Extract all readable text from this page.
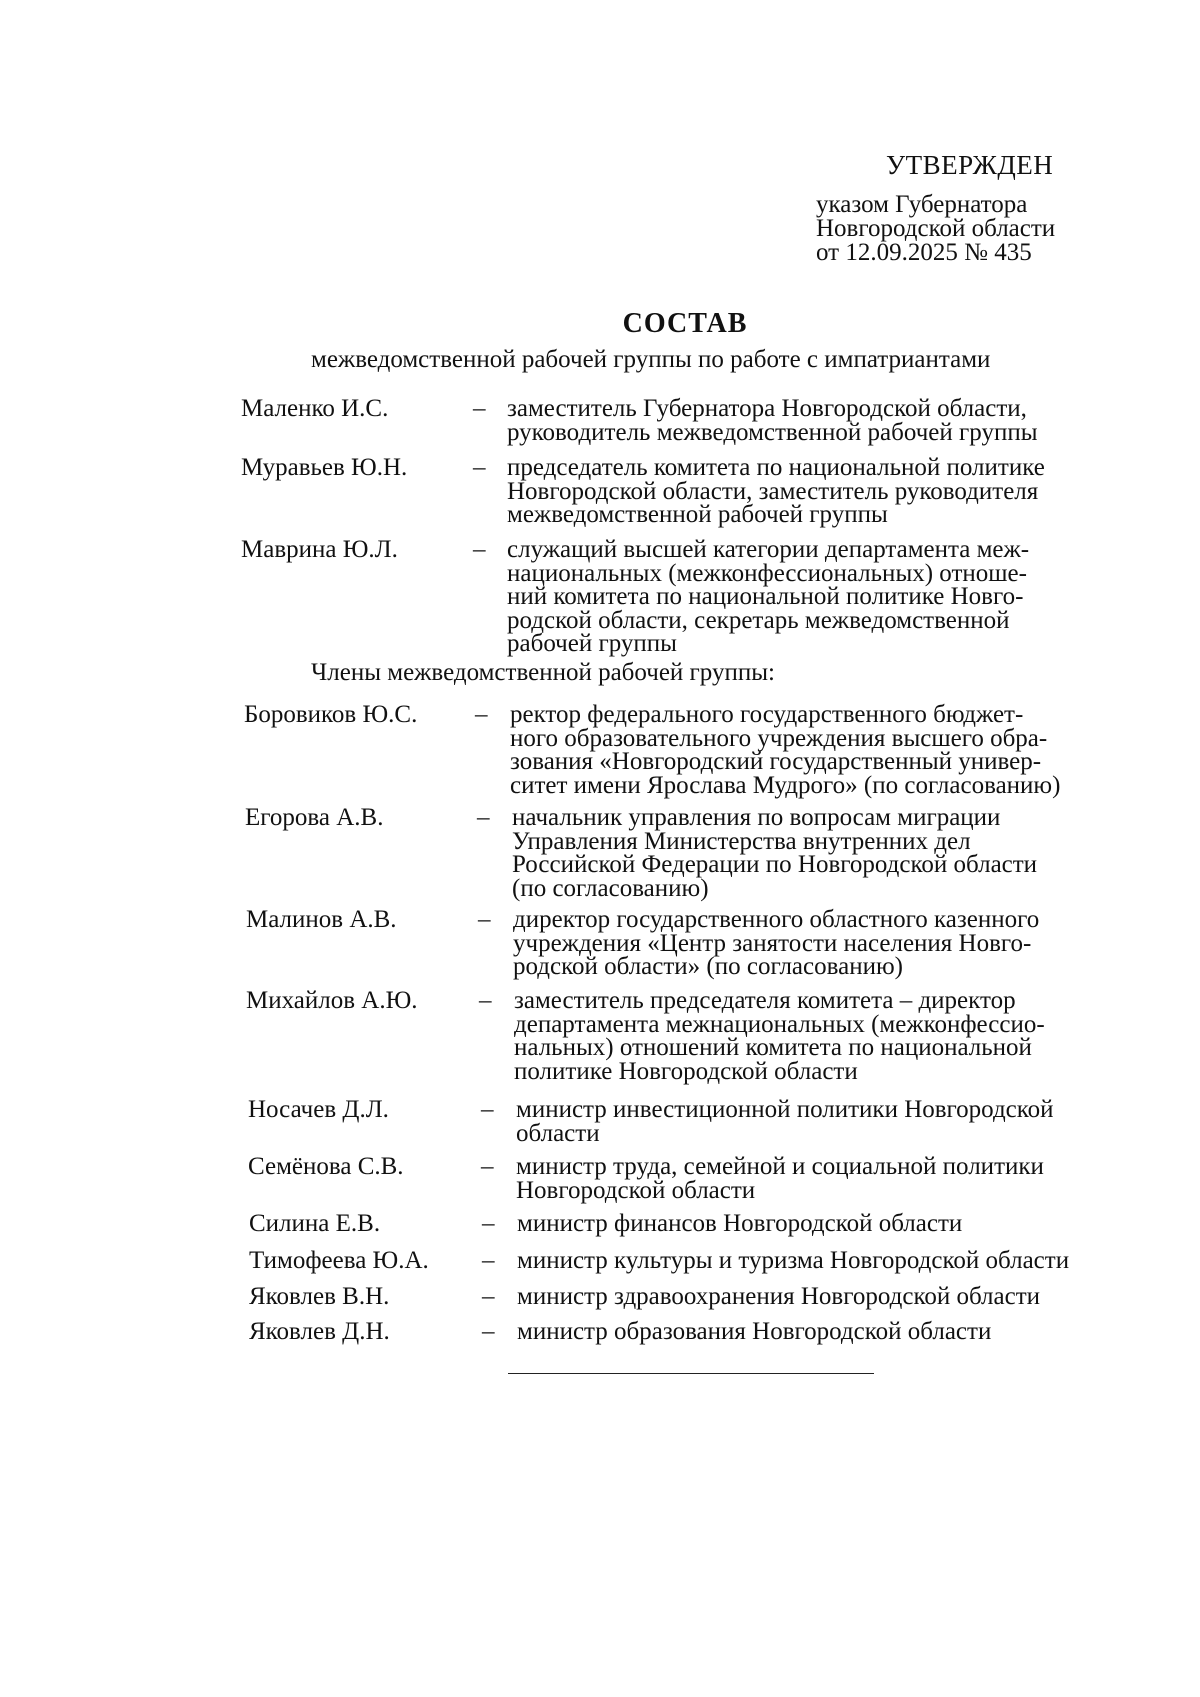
УТВЕРЖДЕН
указом Губернатора
Новгородской области
от 12.09.2025 № 435
СОСТАВ
межведомственной рабочей группы по работе с импатриантами
Маленко И.С.	– заместитель Губернатора Новгородской области,
руководитель межведомственной рабочей группы
Муравьев Ю.Н.	– председатель комитета по национальной политике
Новгородской области, заместитель руководителя
межведомственной рабочей группы
Маврина Ю.Л.	– служащий высшей категории департамента меж-
национальных (межконфессиональных) отноше-
ний комитета по национальной политике Новго-
родской области, секретарь межведомственной
рабочей группы
Члены межведомственной рабочей группы:
Боровиков Ю.С. – ректор федерального государственного бюджет-
ного образовательного учреждения высшего обра-
зования «Новгородский государственный универ-
ситет имени Ярослава Мудрого» (по согласованию)
Егорова А.В.	– начальник управления по вопросам миграции
Управления Министерства внутренних дел
Российской Федерации по Новгородской области
(по согласованию)
Малинов А.В.	– директор государственного областного казенного
учреждения «Центр занятости населения Новго-
родской области» (по согласованию)
Михайлов А.Ю. – заместитель председателя комитета – директор
департамента межнациональных (межконфессио-
нальных) отношений комитета по национальной
политике Новгородской области
Носачев Д.Л.	– министр инвестиционной политики Новгородской
области
Семёнова С.В.	– министр труда, семейной и социальной политики
Новгородской области
Силина Е.В.	– министр финансов Новгородской области
Тимофеева Ю.А. – министр культуры и туризма Новгородской области
Яковлев В.Н.	– министр здравоохранения Новгородской области
Яковлев Д.Н.	– министр образования Новгородской области
